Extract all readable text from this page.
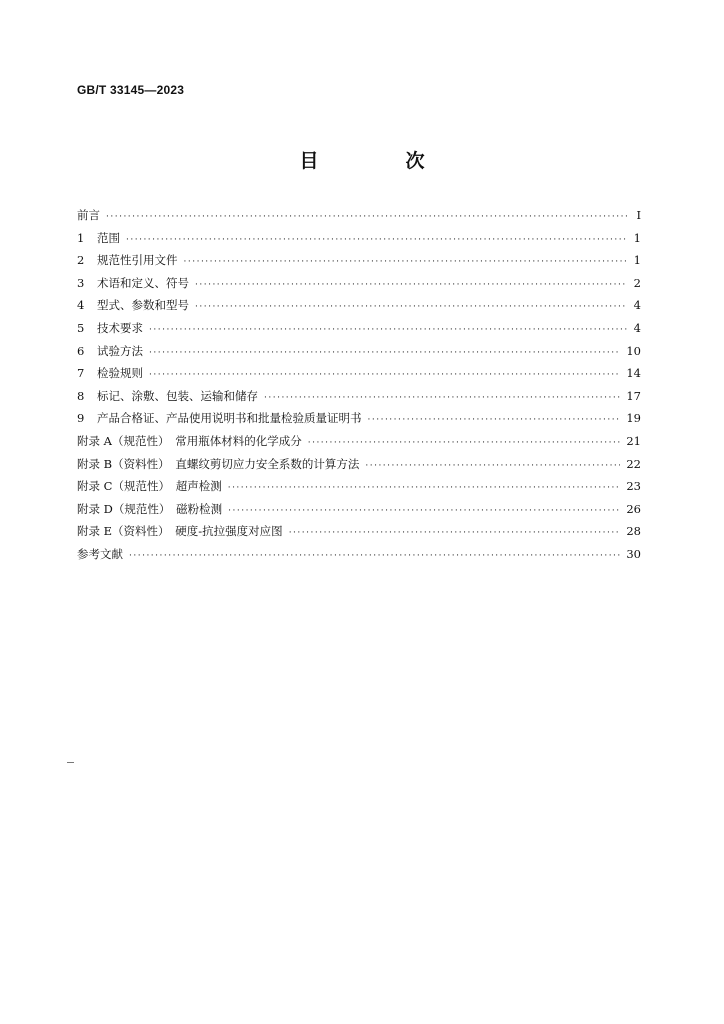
GB/T 33145—2023
目　次
前言 ·····	Ⅰ
1 范围 ·····	1
2 规范性引用文件 ·····	1
3 术语和定义、符号 ·····	2
4 型式、参数和型号 ·····	4
5 技术要求 ·····	4
6 试验方法 ·····	10
7 检验规则 ·····	14
8 标记、涂敷、包装、运输和储存 ·····	17
9 产品合格证、产品使用说明书和批量检验质量证明书 ·····	19
附录 A（规范性）　常用瓶体材料的化学成分 ·····	21
附录 B（资料性）　直螺纹剪切应力安全系数的计算方法 ·····	22
附录 C（规范性）　超声检测 ·····	23
附录 D（规范性）　磁粉检测 ·····	26
附录 E（资料性）　硬度-抗拉强度对应图 ·····	28
参考文献 ·····	30
